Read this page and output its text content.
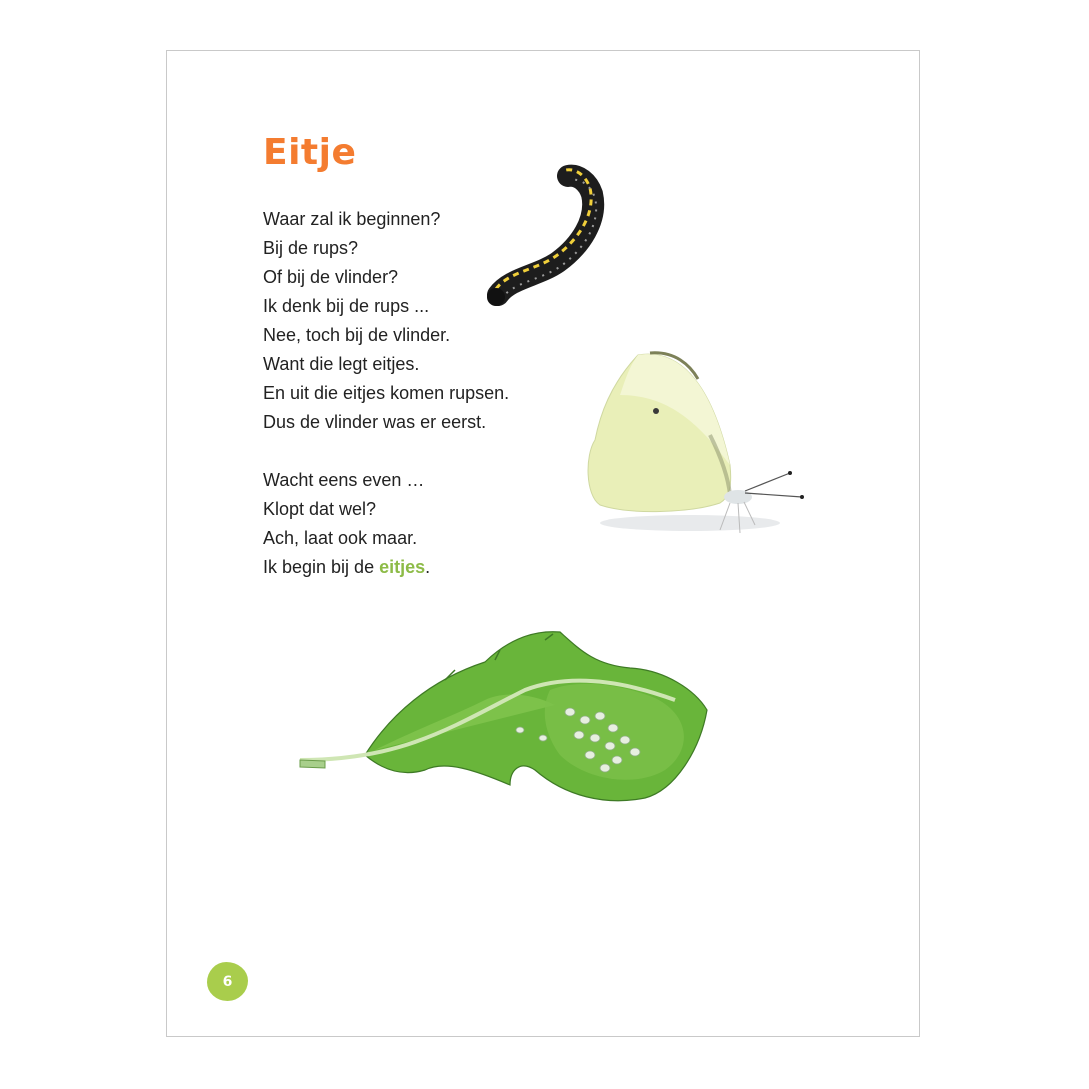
Eitje
Waar zal ik beginnen?
Bij de rups?
Of bij de vlinder?
Ik denk bij de rups ...
Nee, toch bij de vlinder.
Want die legt eitjes.
En uit die eitjes komen rupsen.
Dus de vlinder was er eerst.
Wacht eens even …
Klopt dat wel?
Ach, laat ook maar.
Ik begin bij de eitjes.
6
